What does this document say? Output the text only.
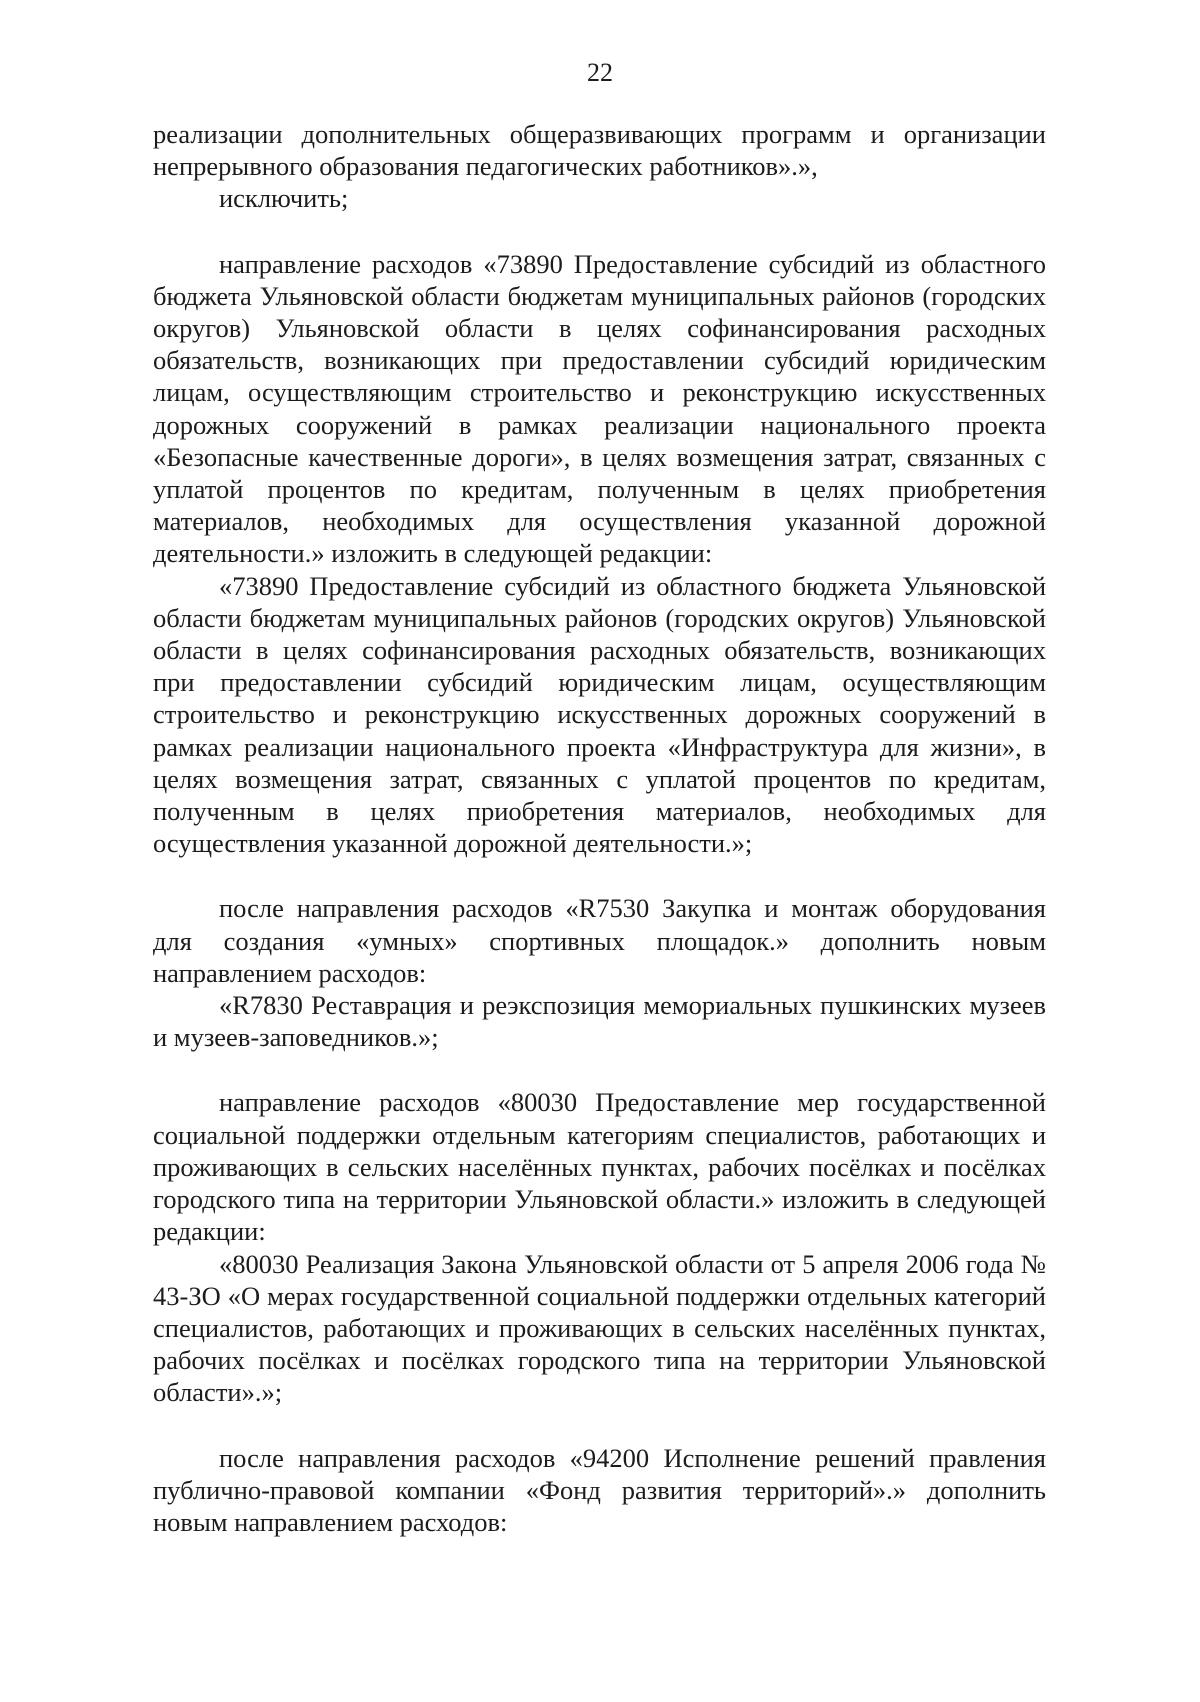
22

реализации дополнительных общеразвивающих программ и организации непрерывного образования педагогических работников».»,

исключить;

направление расходов «73890 Предоставление субсидий из областного бюджета Ульяновской области бюджетам муниципальных районов (городских округов) Ульяновской области в целях софинансирования расходных обязательств, возникающих при предоставлении субсидий юридическим лицам, осуществляющим строительство и реконструкцию искусственных дорожных сооружений в рамках реализации национального проекта «Безопасные качественные дороги», в целях возмещения затрат, связанных с уплатой процентов по кредитам, полученным в целях приобретения материалов, необходимых для осуществления указанной дорожной деятельности.» изложить в следующей редакции:

«73890 Предоставление субсидий из областного бюджета Ульяновской области бюджетам муниципальных районов (городских округов) Ульяновской области в целях софинансирования расходных обязательств, возникающих при предоставлении субсидий юридическим лицам, осуществляющим строительство и реконструкцию искусственных дорожных сооружений в рамках реализации национального проекта «Инфраструктура для жизни», в целях возмещения затрат, связанных с уплатой процентов по кредитам, полученным в целях приобретения материалов, необходимых для осуществления указанной дорожной деятельности.»;

после направления расходов «R7530 Закупка и монтаж оборудования для создания «умных» спортивных площадок.» дополнить новым направлением расходов:

«R7830 Реставрация и реэкспозиция мемориальных пушкинских музеев и музеев-заповедников.»;

направление расходов «80030 Предоставление мер государственной социальной поддержки отдельным категориям специалистов, работающих и проживающих в сельских населённых пунктах, рабочих посёлках и посёлках городского типа на территории Ульяновской области.» изложить в следующей редакции:

«80030 Реализация Закона Ульяновской области от 5 апреля 2006 года № 43-ЗО «О мерах государственной социальной поддержки отдельных категорий специалистов, работающих и проживающих в сельских населённых пунктах, рабочих посёлках и посёлках городского типа на территории Ульяновской области».»;

после направления расходов «94200 Исполнение решений правления публично-правовой компании «Фонд развития территорий».» дополнить новым направлением расходов:
